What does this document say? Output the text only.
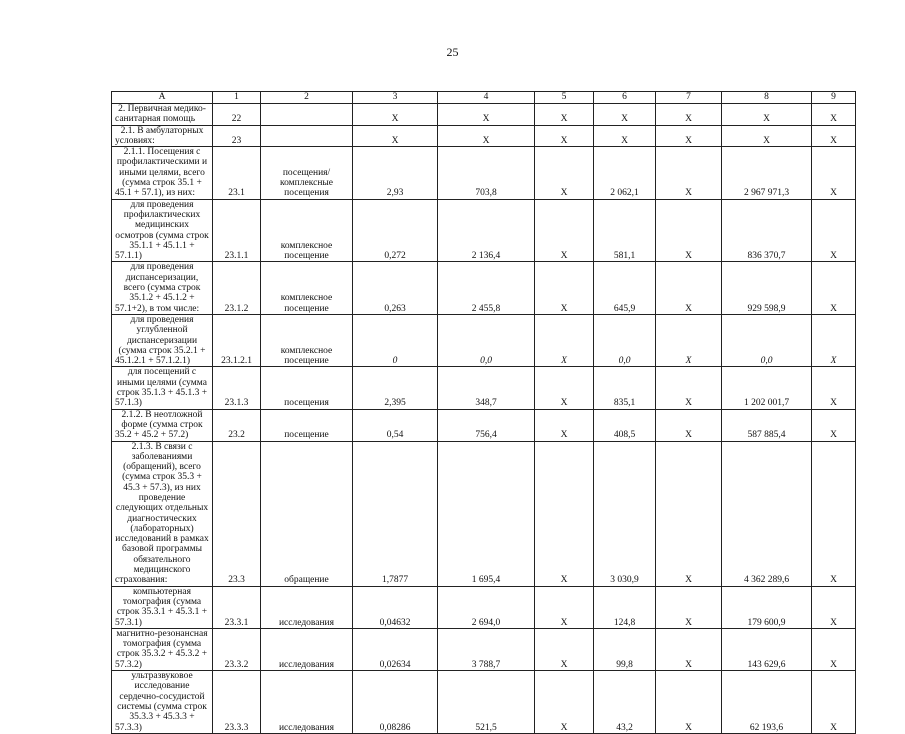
25
А	1	2	3	4	5	6	7	8	9
2. Первичная медико-санитарная помощь	22		Х	Х	Х	Х	Х	Х	Х
2.1. В амбулаторных условиях:	23		Х	Х	Х	Х	Х	Х	Х
2.1.1. Посещения с профилактическими и иными целями, всего (сумма строк 35.1 + 45.1 + 57.1), из них:	23.1	посещения/ комплексные посещения	2,93	703,8	Х	2 062,1	Х	2 967 971,3	Х
для проведения профилактических медицинских осмотров (сумма строк 35.1.1 + 45.1.1 + 57.1.1)	23.1.1	комплексное посещение	0,272	2 136,4	Х	581,1	Х	836 370,7	Х
для проведения диспансеризации, всего (сумма строк 35.1.2 + 45.1.2 + 57.1+2), в том числе:	23.1.2	комплексное посещение	0,263	2 455,8	Х	645,9	Х	929 598,9	Х
для проведения углубленной диспансеризации (сумма строк 35.2.1 + 45.1.2.1 + 57.1.2.1)	23.1.2.1	комплексное посещение	0	0,0	Х	0,0	Х	0,0	Х
для посещений с иными целями (сумма строк 35.1.3 + 45.1.3 + 57.1.3)	23.1.3	посещения	2,395	348,7	Х	835,1	Х	1 202 001,7	Х
2.1.2. В неотложной форме (сумма строк 35.2 + 45.2 + 57.2)	23.2	посещение	0,54	756,4	Х	408,5	Х	587 885,4	Х
2.1.3. В связи с заболеваниями (обращений), всего (сумма строк 35.3 + 45.3 + 57.3), из них проведение следующих отдельных диагностических (лабораторных) исследований в рамках базовой программы обязательного медицинского страхования:	23.3	обращение	1,7877	1 695,4	Х	3 030,9	Х	4 362 289,6	Х
компьютерная томография (сумма строк 35.3.1 + 45.3.1 + 57.3.1)	23.3.1	исследования	0,04632	2 694,0	Х	124,8	Х	179 600,9	Х
магнитно-резонансная томография (сумма строк 35.3.2 + 45.3.2 + 57.3.2)	23.3.2	исследования	0,02634	3 788,7	Х	99,8	Х	143 629,6	Х
ультразвуковое исследование сердечно-сосудистой системы (сумма строк 35.3.3 + 45.3.3 + 57.3.3)	23.3.3	исследования	0,08286	521,5	Х	43,2	Х	62 193,6	Х
